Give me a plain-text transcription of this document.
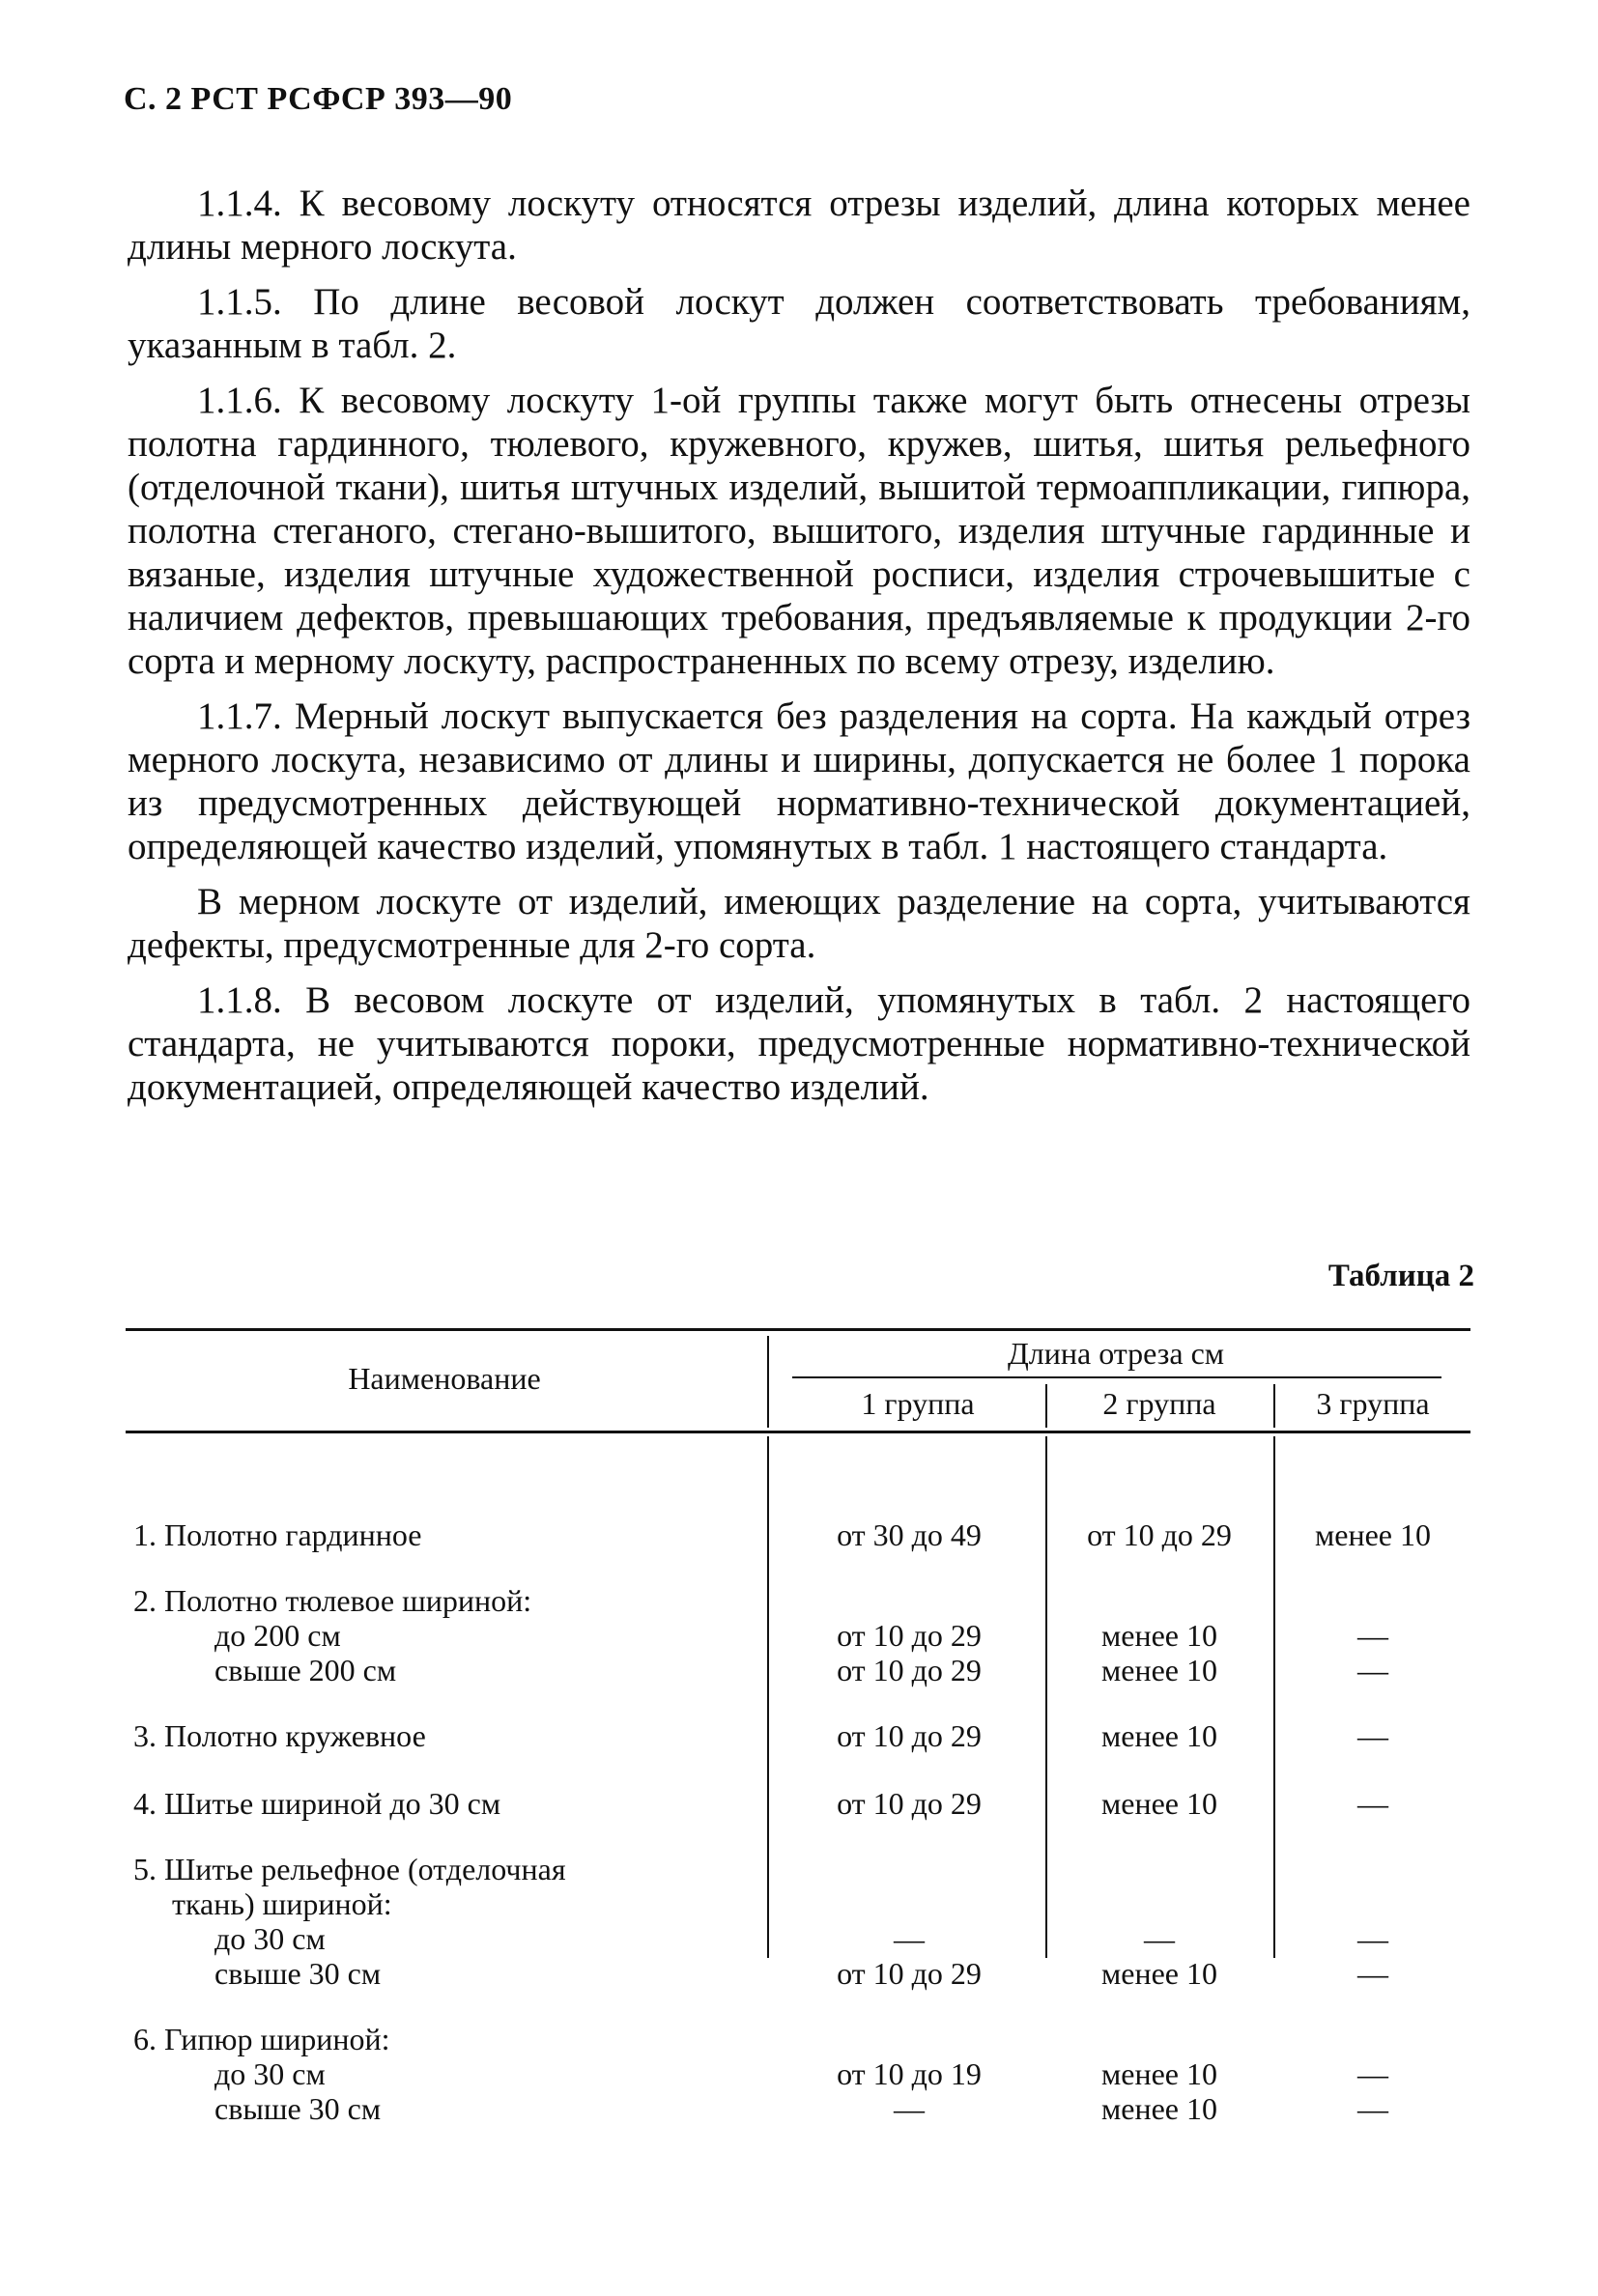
С. 2 РСТ РСФСР 393—90

1.1.4. К весовому лоскуту относятся отрезы изделий, длина которых менее длины мерного лоскута.

1.1.5. По длине весовой лоскут должен соответствовать требованиям, указанным в табл. 2.

1.1.6. К весовому лоскуту 1-ой группы также могут быть отнесены отрезы полотна гардинного, тюлевого, кружевного, кружев, шитья, шитья рельефного (отделочной ткани), шитья штучных изделий, вышитой термоаппликации, гипюра, полотна стеганого, стегано-вышитого, вышитого, изделия штучные гардинные и вязаные, изделия штучные художественной росписи, изделия строчевышитые с наличием дефектов, превышающих требования, предъявляемые к продукции 2-го сорта и мерному лоскуту, распространенных по всему отрезу, изделию.

1.1.7. Мерный лоскут выпускается без разделения на сорта. На каждый отрез мерного лоскута, независимо от длины и ширины, допускается не более 1 порока из предусмотренных действующей нормативно-технической документацией, определяющей качество изделий, упомянутых в табл. 1 настоящего стандарта.

В мерном лоскуте от изделий, имеющих разделение на сорта, учитываются дефекты, предусмотренные для 2-го сорта.

1.1.8. В весовом лоскуте от изделий, упомянутых в табл. 2 настоящего стандарта, не учитываются пороки, предусмотренные нормативно-технической документацией, определяющей качество изделий.

Таблица 2
Наименование
Длина отреза см
1 группа	2 группа	3 группа
1. Полотно гардинное	от 30 до 49	от 10 до 29	менее 10
2. Полотно тюлевое шириной:
до 200 см	от 10 до 29	менее 10	—
свыше 200 см	от 10 до 29	менее 10	—
3. Полотно кружевное	от 10 до 29	менее 10	—
4. Шитье шириной до 30 см	от 10 до 29	менее 10	—
5. Шитье рельефное (отделочная
ткань) шириной:
до 30 см	—	—	—
свыше 30 см	от 10 до 29	менее 10	—
6. Гипюр шириной:
до 30 см	от 10 до 19	менее 10	—
свыше 30 см	—	менее 10	—
